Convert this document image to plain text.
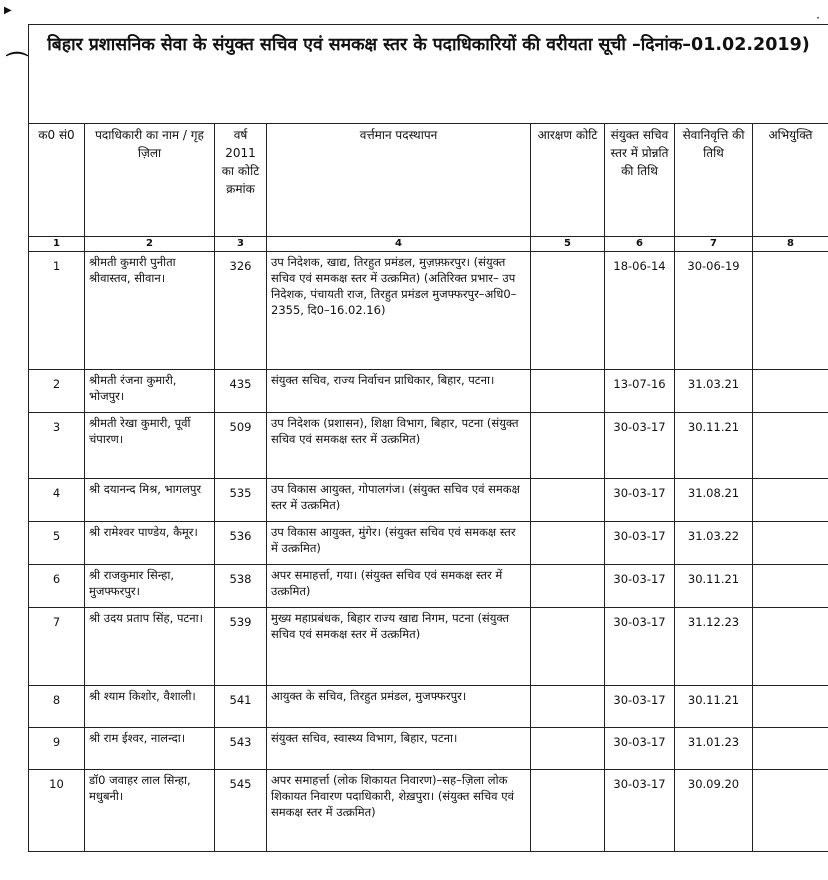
▶
⌒
·
बिहार प्रशासनिक सेवा के संयुक्त सचिव एवं समकक्ष स्तर के पदाधिकारियों की वरीयता सूची –दिनांक–01.02.2019)							
क0 सं0	पदाधिकारी का नाम / गृह ज़िला	वर्ष 2011 का कोटि क्रमांक	वर्त्तमान पदस्थापन	आरक्षण कोटि	संयुक्त सचिव स्तर में प्रोन्नति की तिथि	सेवानिवृत्ति की तिथि	अभियुक्ति
1	2	3	4	5	6	7	8
1	श्रीमती कुमारी पुनीता श्रीवास्तव, सीवान।	326	उप निदेशक, खाद्य, तिरहुत प्रमंडल, मुज़फ़्फ़रपुर। (संयुक्त सचिव एवं समकक्ष स्तर में उत्क्रमित) (अतिरिक्त प्रभार– उप निदेशक, पंचायती राज, तिरहुत प्रमंडल मुजफ्फरपुर–अधि0–2355, दि0–16.02.16)		18-06-14	30-06-19	
2	श्रीमती रंजना कुमारी, भोजपुर।	435	संयुक्त सचिव, राज्य निर्वाचन प्राधिकार, बिहार, पटना।		13-07-16	31.03.21	
3	श्रीमती रेखा कुमारी, पूर्वी चंपारण।	509	उप निदेशक (प्रशासन), शिक्षा विभाग, बिहार, पटना (संयुक्त सचिव एवं समकक्ष स्तर में उत्क्रमित)		30-03-17	30.11.21	
4	श्री दयानन्द मिश्र, भागलपुर	535	उप विकास आयुक्त, गोपालगंज। (संयुक्त सचिव एवं समकक्ष स्तर में उत्क्रमित)		30-03-17	31.08.21	
5	श्री रामेश्वर पाण्डेय, कैमूर।	536	उप विकास आयुक्त, मुंगेर। (संयुक्त सचिव एवं समकक्ष स्तर में उत्क्रमित)		30-03-17	31.03.22	
6	श्री राजकुमार सिन्हा, मुजफ्फरपुर।	538	अपर समाहर्त्ता, गया। (संयुक्त सचिव एवं समकक्ष स्तर में उत्क्रमित)		30-03-17	30.11.21	
7	श्री उदय प्रताप सिंह, पटना।	539	मुख्य महाप्रबंधक, बिहार राज्य खाद्य निगम, पटना (संयुक्त सचिव एवं समकक्ष स्तर में उत्क्रमित)		30-03-17	31.12.23	
8	श्री श्याम किशोर, वैशाली।	541	आयुक्त के सचिव, तिरहुत प्रमंडल, मुजफ्फरपुर।		30-03-17	30.11.21	
9	श्री राम ईश्वर, नालन्दा।	543	संयुक्त सचिव, स्वास्थ्य विभाग, बिहार, पटना।		30-03-17	31.01.23	
10	डॉ0 जवाहर लाल सिन्हा, मधुबनी।	545	अपर समाहर्त्ता (लोक शिकायत निवारण)–सह–ज़िला लोक शिकायत निवारण पदाधिकारी, शेख़पुरा। (संयुक्त सचिव एवं समकक्ष स्तर में उत्क्रमित)		30-03-17	30.09.20	
